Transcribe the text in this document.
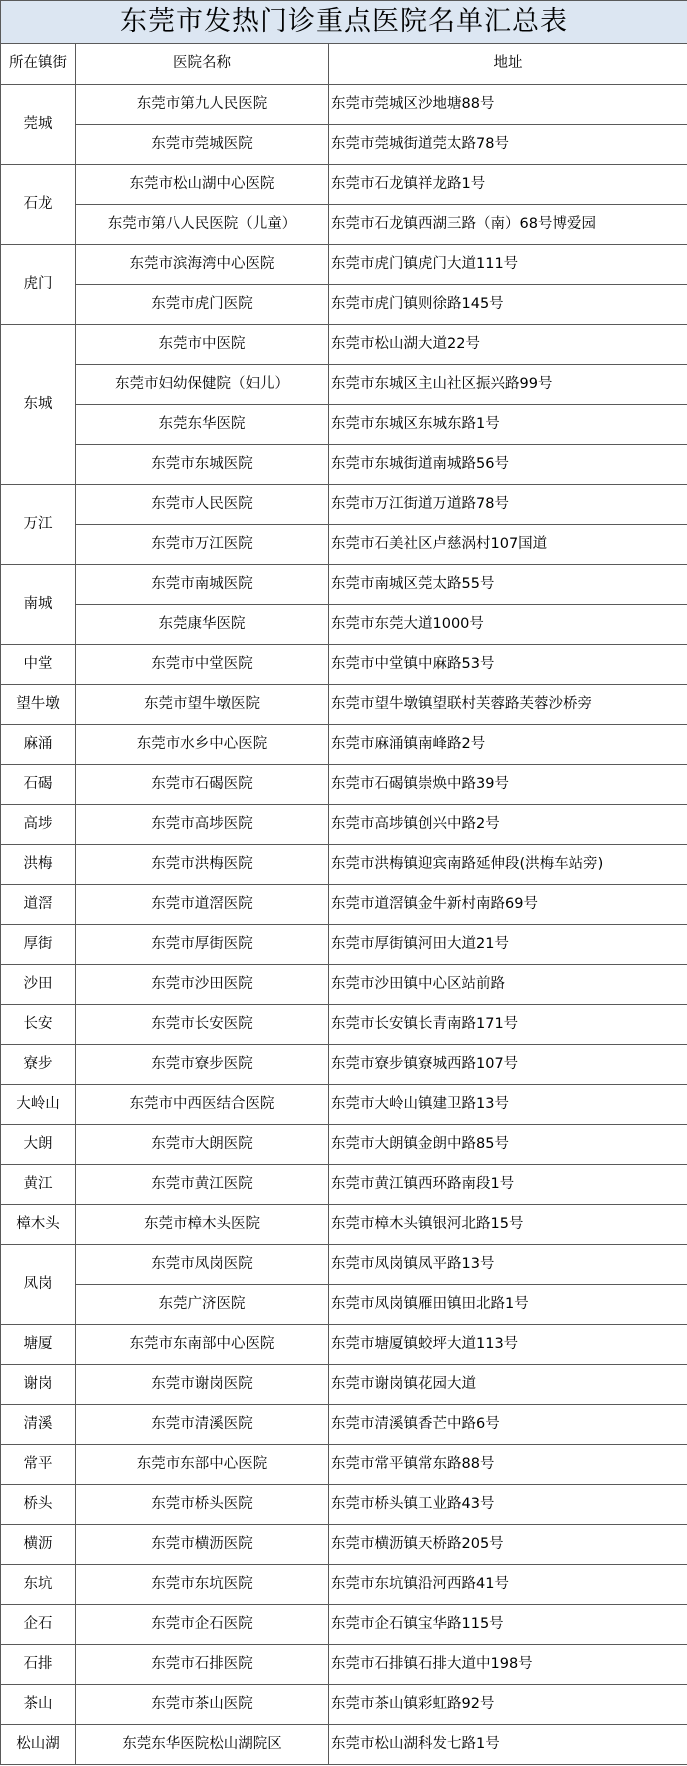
东莞市发热门诊重点医院名单汇总表		
所在镇街	医院名称	地址
莞城	东莞市第九人民医院	东莞市莞城区沙地塘88号
	东莞市莞城医院	东莞市莞城街道莞太路78号
石龙	东莞市松山湖中心医院	东莞市石龙镇祥龙路1号
	东莞市第八人民医院（儿童）	东莞市石龙镇西湖三路（南）68号博爱园
虎门	东莞市滨海湾中心医院	东莞市虎门镇虎门大道111号
	东莞市虎门医院	东莞市虎门镇则徐路145号
东城	东莞市中医院	东莞市松山湖大道22号
	东莞市妇幼保健院（妇儿）	东莞市东城区主山社区振兴路99号
	东莞东华医院	东莞市东城区东城东路1号
	东莞市东城医院	东莞市东城街道南城路56号
万江	东莞市人民医院	东莞市万江街道万道路78号
	东莞市万江医院	东莞市石美社区卢慈涡村107国道
南城	东莞市南城医院	东莞市南城区莞太路55号
	东莞康华医院	东莞市东莞大道1000号
中堂	东莞市中堂医院	东莞市中堂镇中麻路53号
望牛墩	东莞市望牛墩医院	东莞市望牛墩镇望联村芙蓉路芙蓉沙桥旁
麻涌	东莞市水乡中心医院	东莞市麻涌镇南峰路2号
石碣	东莞市石碣医院	东莞市石碣镇崇焕中路39号
高埗	东莞市高埗医院	东莞市高埗镇创兴中路2号
洪梅	东莞市洪梅医院	东莞市洪梅镇迎宾南路延伸段(洪梅车站旁)
道滘	东莞市道滘医院	东莞市道滘镇金牛新村南路69号
厚街	东莞市厚街医院	东莞市厚街镇河田大道21号
沙田	东莞市沙田医院	东莞市沙田镇中心区站前路
长安	东莞市长安医院	东莞市长安镇长青南路171号
寮步	东莞市寮步医院	东莞市寮步镇寮城西路107号
大岭山	东莞市中西医结合医院	东莞市大岭山镇建卫路13号
大朗	东莞市大朗医院	东莞市大朗镇金朗中路85号
黄江	东莞市黄江医院	东莞市黄江镇西环路南段1号
樟木头	东莞市樟木头医院	东莞市樟木头镇银河北路15号
凤岗	东莞市凤岗医院	东莞市凤岗镇凤平路13号
	东莞广济医院	东莞市凤岗镇雁田镇田北路1号
塘厦	东莞市东南部中心医院	东莞市塘厦镇蛟坪大道113号
谢岗	东莞市谢岗医院	东莞市谢岗镇花园大道
清溪	东莞市清溪医院	东莞市清溪镇香芒中路6号
常平	东莞市东部中心医院	东莞市常平镇常东路88号
桥头	东莞市桥头医院	东莞市桥头镇工业路43号
横沥	东莞市横沥医院	东莞市横沥镇天桥路205号
东坑	东莞市东坑医院	东莞市东坑镇沿河西路41号
企石	东莞市企石医院	东莞市企石镇宝华路115号
石排	东莞市石排医院	东莞市石排镇石排大道中198号
茶山	东莞市茶山医院	东莞市茶山镇彩虹路92号
松山湖	东莞东华医院松山湖院区	东莞市松山湖科发七路1号
